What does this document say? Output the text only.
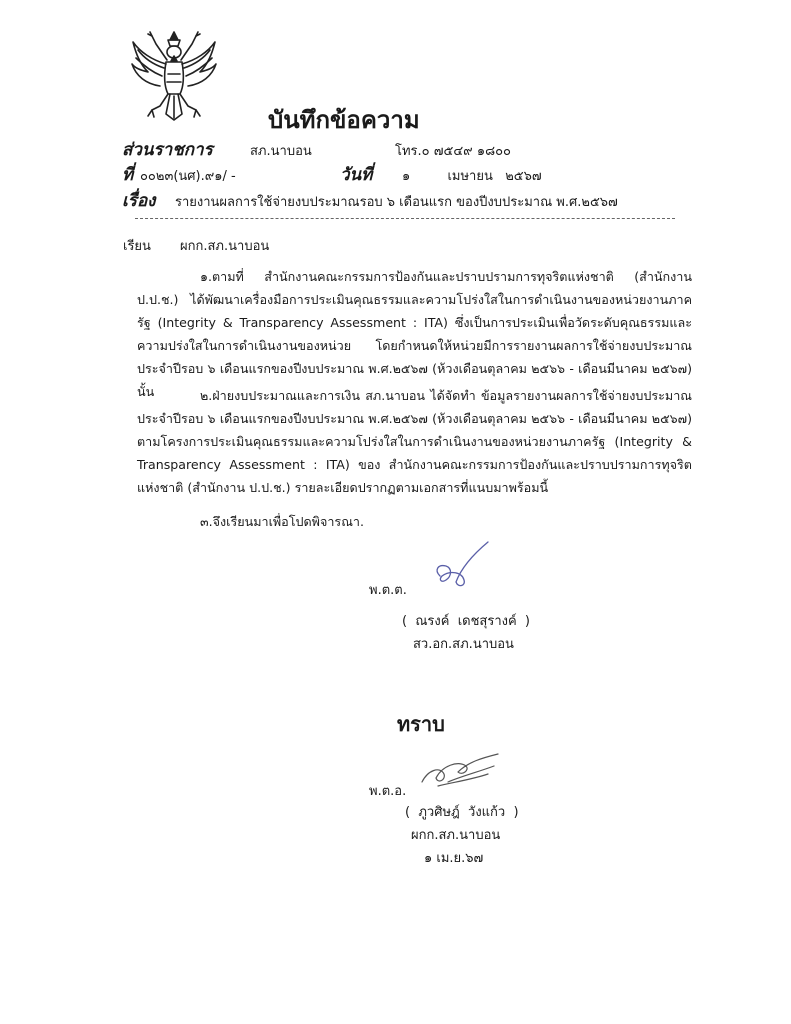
บันทึกข้อความ
ส่วนราชการ	สภ.นาบอน	โทร.๐ ๗๕๔๙ ๑๘๐๐
ที่ ๐๐๒๓(นศ).๙๑/ -	วันที่ ๑         เมษายน   ๒๕๖๗
เรื่อง รายงานผลการใช้จ่ายงบประมาณรอบ ๖ เดือนแรก ของปีงบประมาณ พ.ศ.๒๕๖๗
เรียน ผกก.สภ.นาบอน
๑.ตามที่ สำนักงานคณะกรรมการป้องกันและปราบปรามการทุจริตแห่งชาติ (สำนักงาน ป.ป.ช.) ได้พัฒนาเครื่องมือการประเมินคุณธรรมและความโปร่งใสในการดำเนินงานของหน่วยงานภาครัฐ (Integrity & Transparency Assessment : ITA) ซึ่งเป็นการประเมินเพื่อวัดระดับคุณธรรมและความปร่งใสในการดำเนินงานของหน่วย โดยกำหนดให้หน่วยมีการรายงานผลการใช้จ่ายงบประมาณประจำปีรอบ ๖ เดือนแรกของปีงบประมาณ พ.ศ.๒๕๖๗ (ห้วงเดือนตุลาคม ๒๕๖๖ - เดือนมีนาคม ๒๕๖๗) นั้น	๒.ฝ่ายงบประมาณและการเงิน สภ.นาบอน ได้จัดทำ ข้อมูลรายงานผลการใช้จ่ายงบประมาณประจำปีรอบ ๖ เดือนแรกของปีงบประมาณ พ.ศ.๒๕๖๗ (ห้วงเดือนตุลาคม ๒๕๖๖ - เดือนมีนาคม ๒๕๖๗) ตามโครงการประเมินคุณธรรมและความโปร่งใสในการดำเนินงานของหน่วยงานภาครัฐ (Integrity & Transparency Assessment : ITA) ของ สำนักงานคณะกรรมการป้องกันและปราบปรามการทุจริตแห่งชาติ (สำนักงาน ป.ป.ช.) รายละเอียดปรากฏตามเอกสารที่แนบมาพร้อมนี้
๓.จึงเรียนมาเพื่อโปดพิจารณา.
พ.ต.ต.
(  ณรงค์  เดชสุรางค์  )
สว.อก.สภ.นาบอน
ทราบ
พ.ต.อ.
(  ภูวศิษฎ์  วังแก้ว  )
ผกก.สภ.นาบอน
๑ เม.ย.๖๗
